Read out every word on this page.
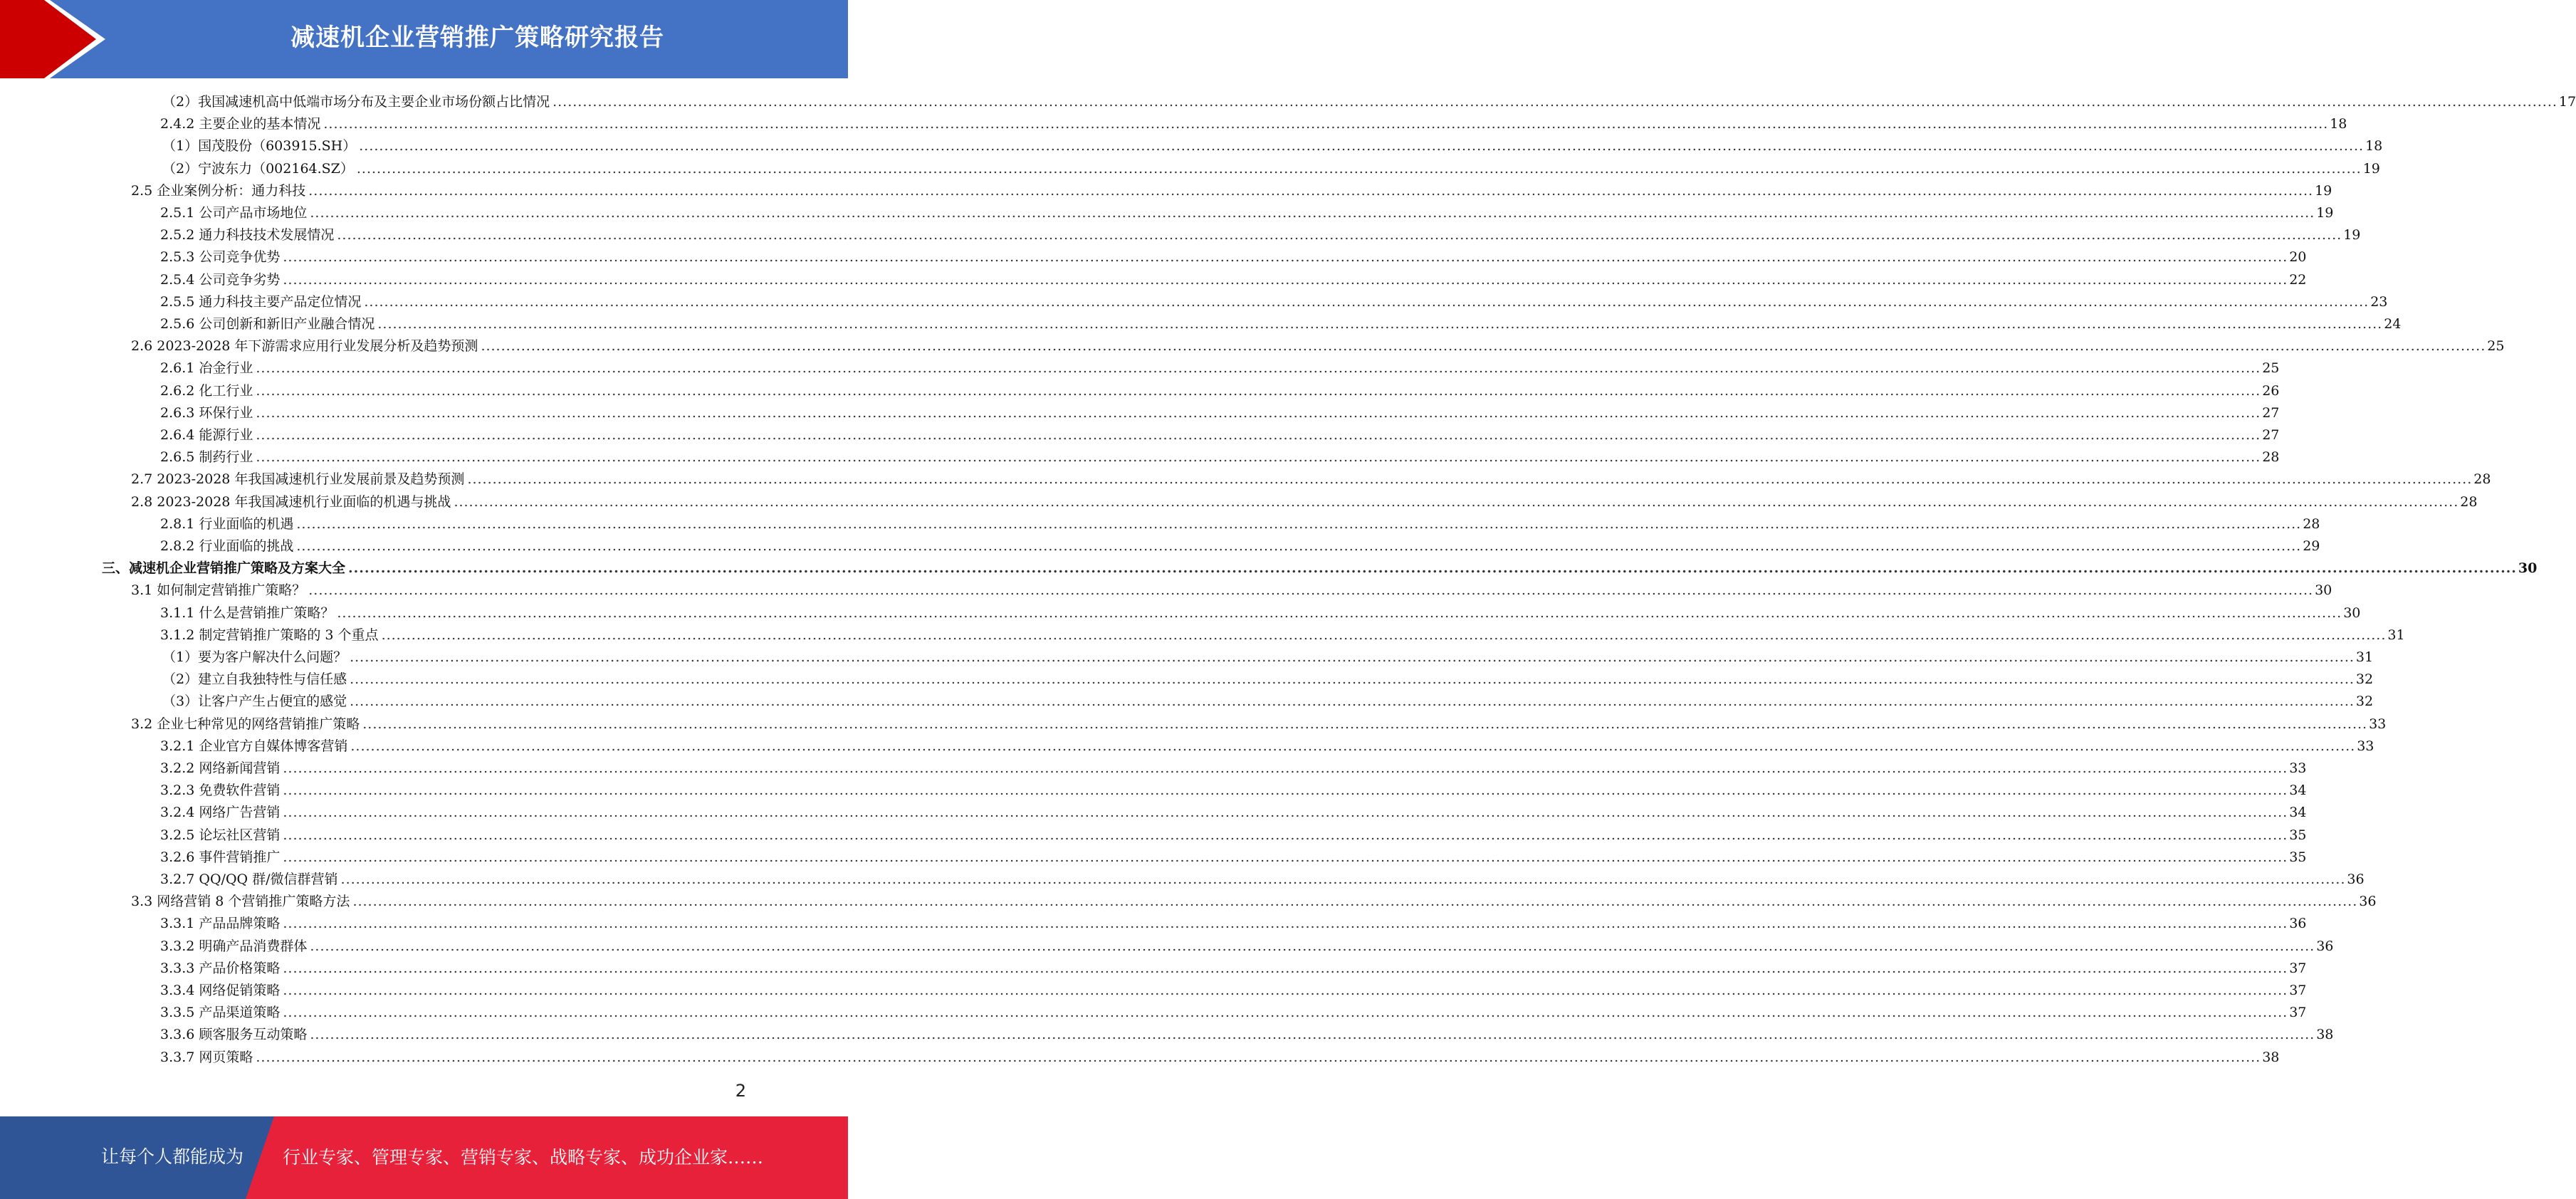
减速机企业营销推广策略研究报告
（2）我国减速机高中低端市场分布及主要企业市场份额占比情况 ................................................................................................................................................................................................................................................................................................................................................................................................................ 17
2.4.2 主要企业的基本情况 ................................................................................................................................................................................................................................................................................................................................................................................................................ 18
（1）国茂股份（603915.SH） ................................................................................................................................................................................................................................................................................................................................................................................................................ 18
（2）宁波东力（002164.SZ） ................................................................................................................................................................................................................................................................................................................................................................................................................ 19
2.5 企业案例分析：通力科技 ................................................................................................................................................................................................................................................................................................................................................................................................................ 19
2.5.1 公司产品市场地位 ................................................................................................................................................................................................................................................................................................................................................................................................................ 19
2.5.2 通力科技技术发展情况 ................................................................................................................................................................................................................................................................................................................................................................................................................ 19
2.5.3 公司竞争优势 ................................................................................................................................................................................................................................................................................................................................................................................................................ 20
2.5.4 公司竞争劣势 ................................................................................................................................................................................................................................................................................................................................................................................................................ 22
2.5.5 通力科技主要产品定位情况 ................................................................................................................................................................................................................................................................................................................................................................................................................ 23
2.5.6 公司创新和新旧产业融合情况 ................................................................................................................................................................................................................................................................................................................................................................................................................ 24
2.6 2023-2028 年下游需求应用行业发展分析及趋势预测 ................................................................................................................................................................................................................................................................................................................................................................................................................ 25
2.6.1 冶金行业 ................................................................................................................................................................................................................................................................................................................................................................................................................ 25
2.6.2 化工行业 ................................................................................................................................................................................................................................................................................................................................................................................................................ 26
2.6.3 环保行业 ................................................................................................................................................................................................................................................................................................................................................................................................................ 27
2.6.4 能源行业 ................................................................................................................................................................................................................................................................................................................................................................................................................ 27
2.6.5 制药行业 ................................................................................................................................................................................................................................................................................................................................................................................................................ 28
2.7 2023-2028 年我国减速机行业发展前景及趋势预测 ................................................................................................................................................................................................................................................................................................................................................................................................................ 28
2.8 2023-2028 年我国减速机行业面临的机遇与挑战 ................................................................................................................................................................................................................................................................................................................................................................................................................ 28
2.8.1 行业面临的机遇 ................................................................................................................................................................................................................................................................................................................................................................................................................ 28
2.8.2 行业面临的挑战 ................................................................................................................................................................................................................................................................................................................................................................................................................ 29
三、减速机企业营销推广策略及方案大全 ................................................................................................................................................................................................................................................................................................................................................................................................................ 30
3.1 如何制定营销推广策略？ ................................................................................................................................................................................................................................................................................................................................................................................................................ 30
3.1.1 什么是营销推广策略？ ................................................................................................................................................................................................................................................................................................................................................................................................................ 30
3.1.2 制定营销推广策略的 3 个重点 ................................................................................................................................................................................................................................................................................................................................................................................................................ 31
（1）要为客户解决什么问题？ ................................................................................................................................................................................................................................................................................................................................................................................................................ 31
（2）建立自我独特性与信任感 ................................................................................................................................................................................................................................................................................................................................................................................................................ 32
（3）让客户产生占便宜的感觉 ................................................................................................................................................................................................................................................................................................................................................................................................................ 32
3.2 企业七种常见的网络营销推广策略 ................................................................................................................................................................................................................................................................................................................................................................................................................ 33
3.2.1 企业官方自媒体博客营销 ................................................................................................................................................................................................................................................................................................................................................................................................................ 33
3.2.2 网络新闻营销 ................................................................................................................................................................................................................................................................................................................................................................................................................ 33
3.2.3 免费软件营销 ................................................................................................................................................................................................................................................................................................................................................................................................................ 34
3.2.4 网络广告营销 ................................................................................................................................................................................................................................................................................................................................................................................................................ 34
3.2.5 论坛社区营销 ................................................................................................................................................................................................................................................................................................................................................................................................................ 35
3.2.6 事件营销推广 ................................................................................................................................................................................................................................................................................................................................................................................................................ 35
3.2.7 QQ/QQ 群/微信群营销 ................................................................................................................................................................................................................................................................................................................................................................................................................ 36
3.3 网络营销 8 个营销推广策略方法 ................................................................................................................................................................................................................................................................................................................................................................................................................ 36
3.3.1 产品品牌策略 ................................................................................................................................................................................................................................................................................................................................................................................................................ 36
3.3.2 明确产品消费群体 ................................................................................................................................................................................................................................................................................................................................................................................................................ 36
3.3.3 产品价格策略 ................................................................................................................................................................................................................................................................................................................................................................................................................ 37
3.3.4 网络促销策略 ................................................................................................................................................................................................................................................................................................................................................................................................................ 37
3.3.5 产品渠道策略 ................................................................................................................................................................................................................................................................................................................................................................................................................ 37
3.3.6 顾客服务互动策略 ................................................................................................................................................................................................................................................................................................................................................................................................................ 38
3.3.7 网页策略 ................................................................................................................................................................................................................................................................................................................................................................................................................ 38
2
让每个人都能成为 行业专家、管理专家、营销专家、战略专家、成功企业家……
